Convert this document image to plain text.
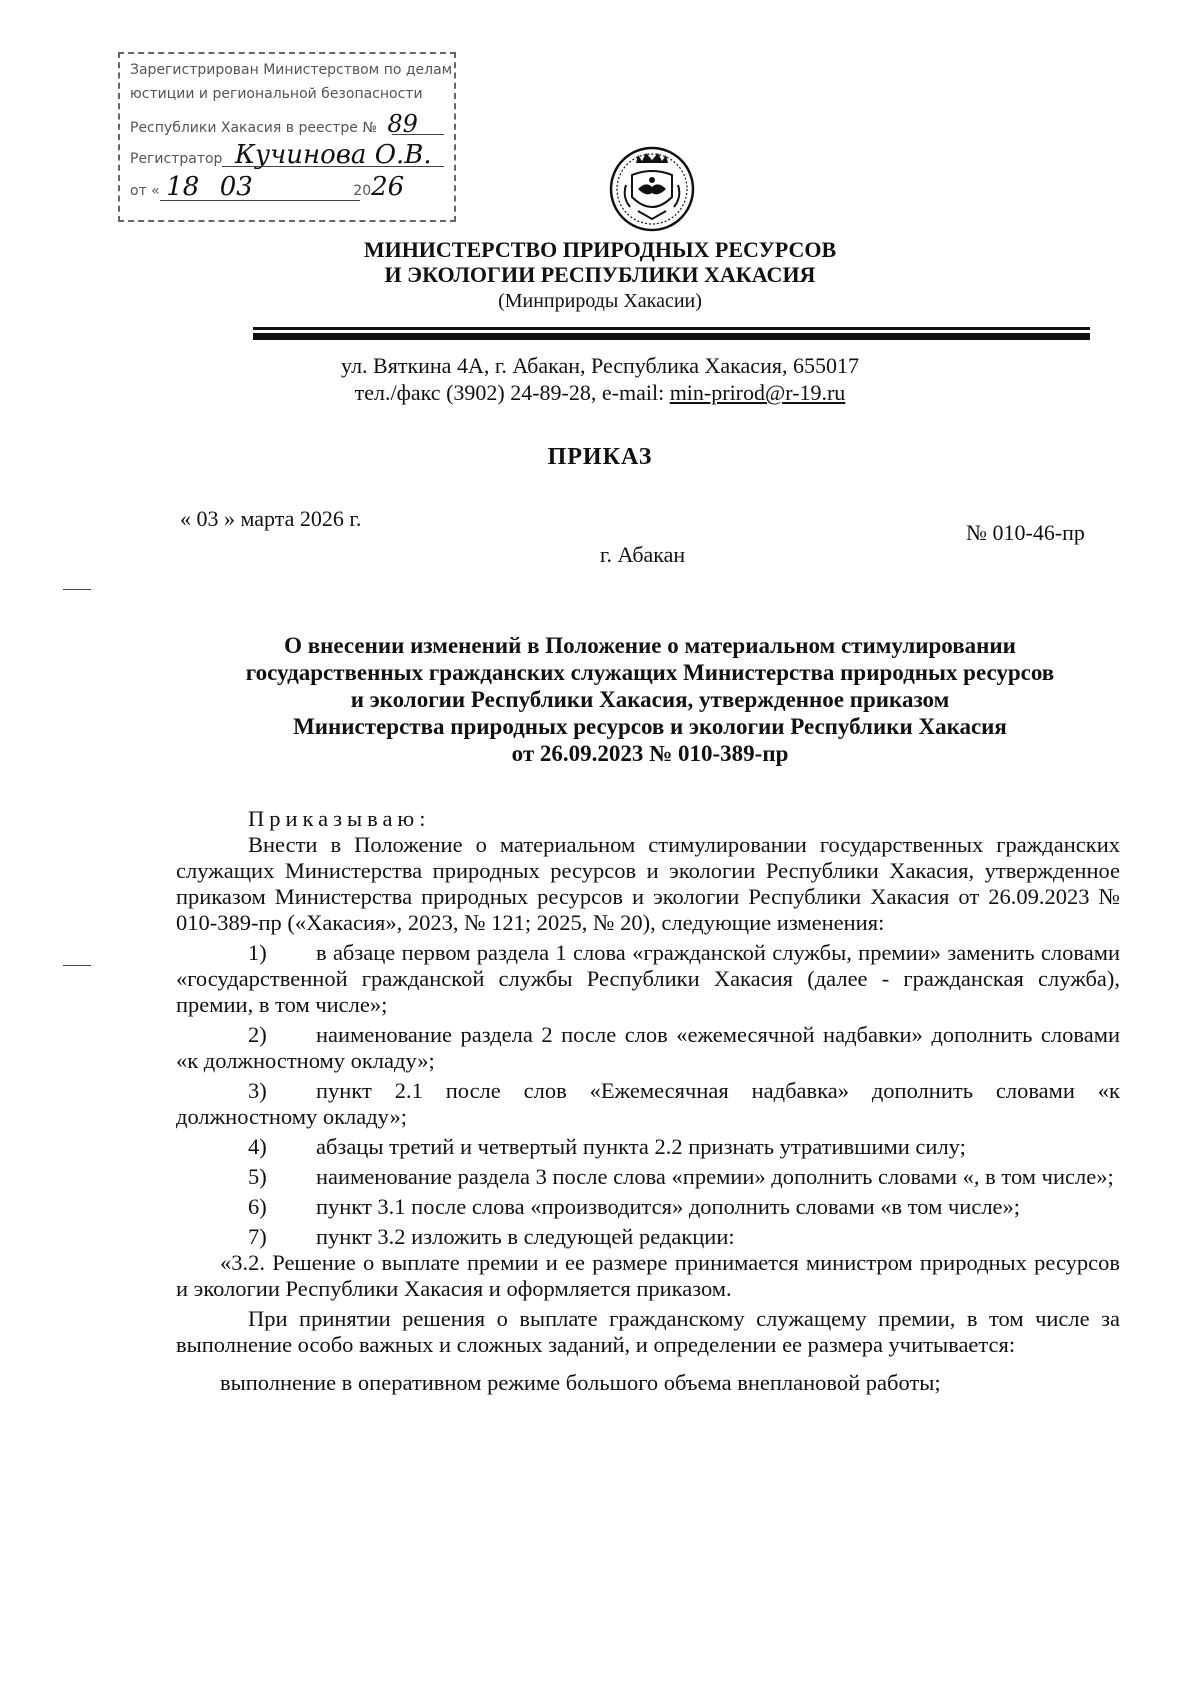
Зарегистрирован Министерством по делам
юстиции и региональной безопасности
Республики Хакасия в реестре № 89
Регистратор Кучинова О.В.
от « 18 03	2026
МИНИСТЕРСТВО ПРИРОДНЫХ РЕСУРСОВ
И ЭКОЛОГИИ РЕСПУБЛИКИ ХАКАСИЯ
(Минприроды Хакасии)
ул. Вяткина 4А, г. Абакан, Республика Хакасия, 655017
тел./факс (3902) 24-89-28, e-mail: min-prirod@r-19.ru
ПРИКАЗ
« 03 » марта 2026 г.
№ 010-46-пр
г. Абакан
О внесении изменений в Положение о материальном стимулировании
государственных гражданских служащих Министерства природных ресурсов
и экологии Республики Хакасия, утвержденное приказом
Министерства природных ресурсов и экологии Республики Хакасия
от 26.09.2023 № 010-389-пр

Приказываю:

Внести в Положение о материальном стимулировании государственных гражданских служащих Министерства природных ресурсов и экологии Республики Хакасия, утвержденное приказом Министерства природных ресурсов и экологии Республики Хакасия от 26.09.2023 № 010-389-пр («Хакасия», 2023, № 121; 2025, № 20), следующие изменения:

1) в абзаце первом раздела 1 слова «гражданской службы, премии» заменить словами «государственной гражданской службы Республики Хакасия (далее - гражданская служба), премии, в том числе»;

2) наименование раздела 2 после слов «ежемесячной надбавки» дополнить словами «к должностному окладу»;

3) пункт 2.1 после слов «Ежемесячная надбавка» дополнить словами «к должностному окладу»;

4) абзацы третий и четвертый пункта 2.2 признать утратившими силу;

5) наименование раздела 3 после слова «премии» дополнить словами «, в том числе»;

6) пункт 3.1 после слова «производится» дополнить словами «в том числе»;

7) пункт 3.2 изложить в следующей редакции:

«3.2. Решение о выплате премии и ее размере принимается министром природных ресурсов и экологии Республики Хакасия и оформляется приказом.

При принятии решения о выплате гражданскому служащему премии, в том числе за выполнение особо важных и сложных заданий, и определении ее размера учитывается:

выполнение в оперативном режиме большого объема внеплановой работы;
